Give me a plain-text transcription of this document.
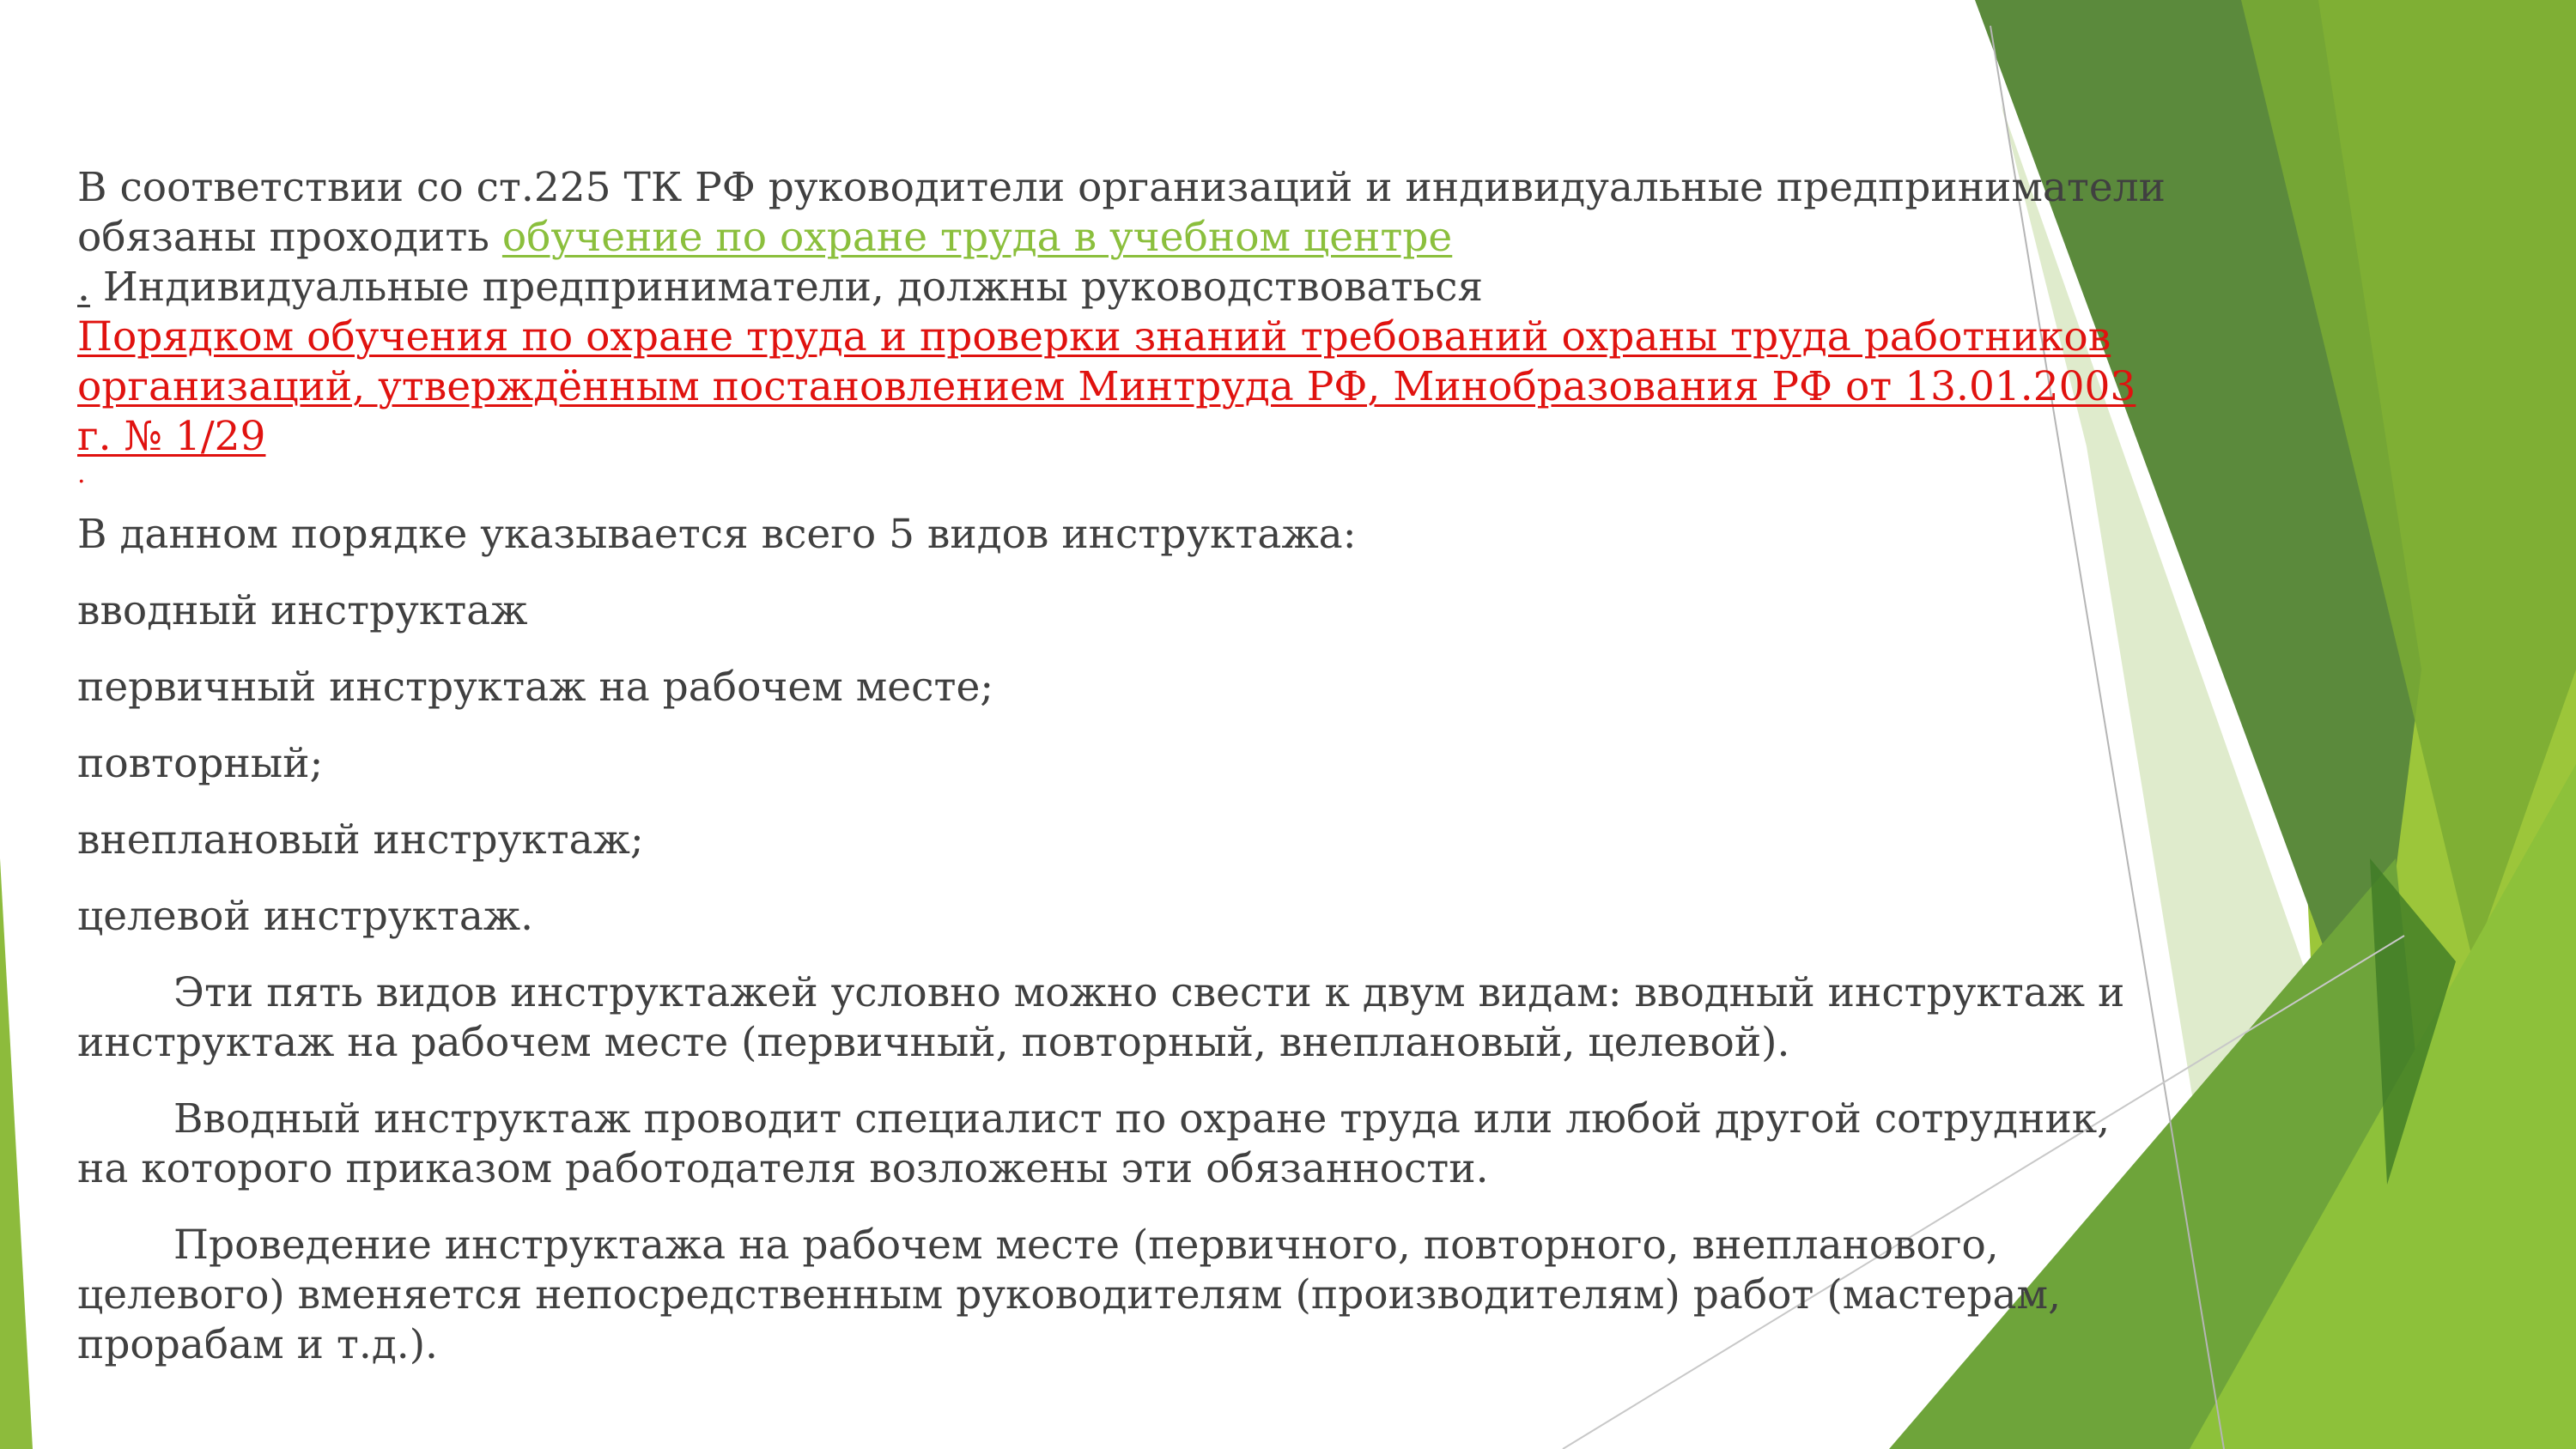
В соответствии со ст.225 ТК РФ руководители организаций и индивидуальные предприниматели обязаны проходить обучение по охране труда в учебном центре
. Индивидуальные предприниматели, должны руководствоваться
Порядком обучения по охране труда и проверки знаний требований охраны труда работников организаций, утверждённым постановлением Минтруда РФ, Минобразования РФ от 13.01.2003 г. № 1/29
.

В данном порядке указывается всего 5 видов инструктажа:

вводный инструктаж

первичный инструктаж на рабочем месте;

повторный;

внеплановый инструктаж;

целевой инструктаж.

Эти пять видов инструктажей условно можно свести к двум видам: вводный инструктаж и инструктаж на рабочем месте (первичный, повторный, внеплановый, целевой).

Вводный инструктаж проводит специалист по охране труда или любой другой сотрудник, на которого приказом работодателя возложены эти обязанности.

Проведение инструктажа на рабочем месте (первичного, повторного, внепланового, целевого) вменяется непосредственным руководителям (производителям) работ (мастерам, прорабам и т.д.).
